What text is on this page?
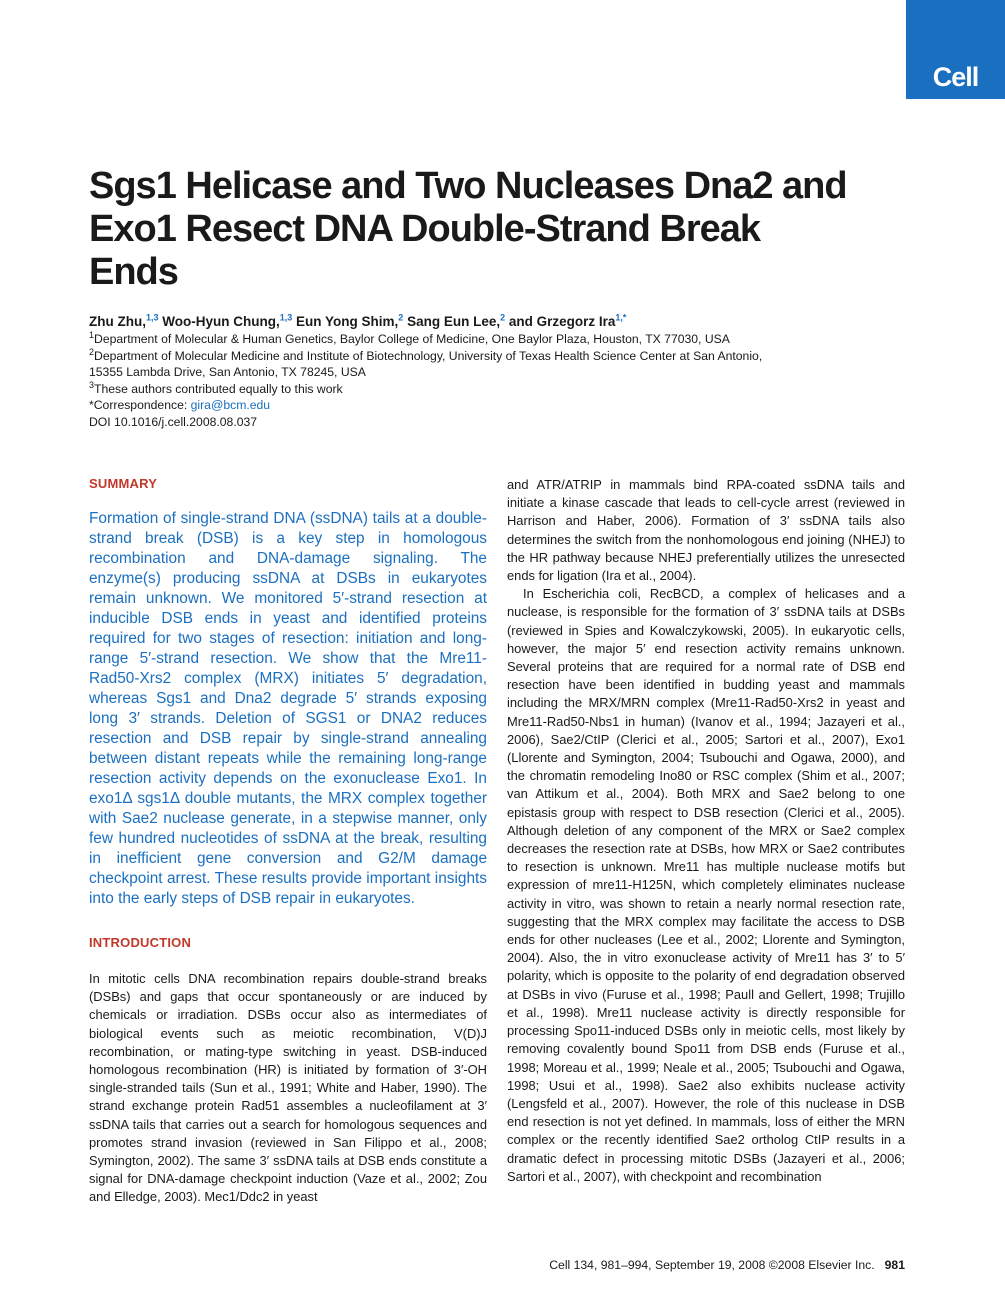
Cell
Sgs1 Helicase and Two Nucleases Dna2 and Exo1 Resect DNA Double-Strand Break Ends

Zhu Zhu,$^{1,3}$ Woo-Hyun Chung,$^{1,3}$ Eun Yong Shim,$^2$ Sang Eun Lee,$^2$ and Grzegorz Ira$^{1,*}$

$^1$Department of Molecular & Human Genetics, Baylor College of Medicine, One Baylor Plaza, Houston, TX 77030, USA
$^2$Department of Molecular Medicine and Institute of Biotechnology, University of Texas Health Science Center at San Antonio,
15355 Lambda Drive, San Antonio, TX 78245, USA
$^3$These authors contributed equally to this work
*Correspondence: gira@bcm.edu
DOI 10.1016/j.cell.2008.08.037
SUMMARY

Formation of single-strand DNA (ssDNA) tails at a double-strand break (DSB) is a key step in homologous recombination and DNA-damage signaling. The enzyme(s) producing ssDNA at DSBs in eukaryotes remain unknown. We monitored 5′-strand resection at inducible DSB ends in yeast and identified proteins required for two stages of resection: initiation and long-range 5′-strand resection. We show that the Mre11-Rad50-Xrs2 complex (MRX) initiates 5′ degradation, whereas Sgs1 and Dna2 degrade 5′ strands exposing long 3′ strands. Deletion of SGS1 or DNA2 reduces resection and DSB repair by single-strand annealing between distant repeats while the remaining long-range resection activity depends on the exonuclease Exo1. In exo1Δ sgs1Δ double mutants, the MRX complex together with Sae2 nuclease generate, in a stepwise manner, only few hundred nucleotides of ssDNA at the break, resulting in inefficient gene conversion and G2/M damage checkpoint arrest. These results provide important insights into the early steps of DSB repair in eukaryotes.

INTRODUCTION

In mitotic cells DNA recombination repairs double-strand breaks (DSBs) and gaps that occur spontaneously or are induced by chemicals or irradiation. DSBs occur also as intermediates of biological events such as meiotic recombination, V(D)J recombination, or mating-type switching in yeast. DSB-induced homologous recombination (HR) is initiated by formation of 3′-OH single-stranded tails (Sun et al., 1991; White and Haber, 1990). The strand exchange protein Rad51 assembles a nucleofilament at 3′ ssDNA tails that carries out a search for homologous sequences and promotes strand invasion (reviewed in San Filippo et al., 2008; Symington, 2002). The same 3′ ssDNA tails at DSB ends constitute a signal for DNA-damage checkpoint induction (Vaze et al., 2002; Zou and Elledge, 2003). Mec1/Ddc2 in yeast

and ATR/ATRIP in mammals bind RPA-coated ssDNA tails and initiate a kinase cascade that leads to cell-cycle arrest (reviewed in Harrison and Haber, 2006). Formation of 3′ ssDNA tails also determines the switch from the nonhomologous end joining (NHEJ) to the HR pathway because NHEJ preferentially utilizes the unresected ends for ligation (Ira et al., 2004).

In Escherichia coli, RecBCD, a complex of helicases and a nuclease, is responsible for the formation of 3′ ssDNA tails at DSBs (reviewed in Spies and Kowalczykowski, 2005). In eukaryotic cells, however, the major 5′ end resection activity remains unknown. Several proteins that are required for a normal rate of DSB end resection have been identified in budding yeast and mammals including the MRX/MRN complex (Mre11-Rad50-Xrs2 in yeast and Mre11-Rad50-Nbs1 in human) (Ivanov et al., 1994; Jazayeri et al., 2006), Sae2/CtIP (Clerici et al., 2005; Sartori et al., 2007), Exo1 (Llorente and Symington, 2004; Tsubouchi and Ogawa, 2000), and the chromatin remodeling Ino80 or RSC complex (Shim et al., 2007; van Attikum et al., 2004). Both MRX and Sae2 belong to one epistasis group with respect to DSB resection (Clerici et al., 2005). Although deletion of any component of the MRX or Sae2 complex decreases the resection rate at DSBs, how MRX or Sae2 contributes to resection is unknown. Mre11 has multiple nuclease motifs but expression of mre11-H125N, which completely eliminates nuclease activity in vitro, was shown to retain a nearly normal resection rate, suggesting that the MRX complex may facilitate the access to DSB ends for other nucleases (Lee et al., 2002; Llorente and Symington, 2004). Also, the in vitro exonuclease activity of Mre11 has 3′ to 5′ polarity, which is opposite to the polarity of end degradation observed at DSBs in vivo (Furuse et al., 1998; Paull and Gellert, 1998; Trujillo et al., 1998). Mre11 nuclease activity is directly responsible for processing Spo11-induced DSBs only in meiotic cells, most likely by removing covalently bound Spo11 from DSB ends (Furuse et al., 1998; Moreau et al., 1999; Neale et al., 2005; Tsubouchi and Ogawa, 1998; Usui et al., 1998). Sae2 also exhibits nuclease activity (Lengsfeld et al., 2007). However, the role of this nuclease in DSB end resection is not yet defined. In mammals, loss of either the MRN complex or the recently identified Sae2 ortholog CtIP results in a dramatic defect in processing mitotic DSBs (Jazayeri et al., 2006; Sartori et al., 2007), with checkpoint and recombination

Cell 134, 981–994, September 19, 2008 ©2008 Elsevier Inc. 981
